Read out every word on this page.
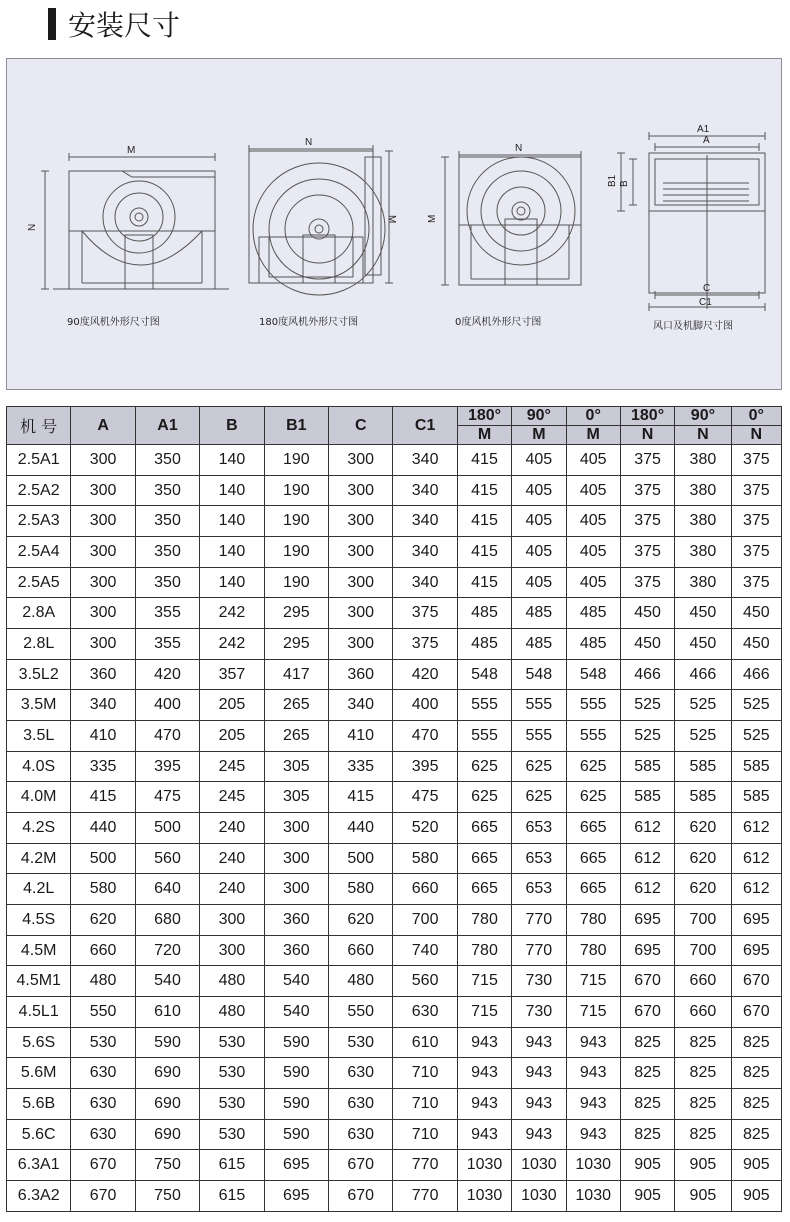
安装尺寸
M
N
N
M
N
M
A1
A
B1 B
C
C1
90度风机外形尺寸图	180度风机外形尺寸图	0度风机外形尺寸图	风口及机脚尺寸图
机 号	A	A1	B	B1	C	C1	180°	90°	0°	180°	90°	0°
							M	M	M	N	N	N
2.5A1	300	350	140	190	300	340	415	405	405	375	380	375
2.5A2	300	350	140	190	300	340	415	405	405	375	380	375
2.5A3	300	350	140	190	300	340	415	405	405	375	380	375
2.5A4	300	350	140	190	300	340	415	405	405	375	380	375
2.5A5	300	350	140	190	300	340	415	405	405	375	380	375
2.8A	300	355	242	295	300	375	485	485	485	450	450	450
2.8L	300	355	242	295	300	375	485	485	485	450	450	450
3.5L2	360	420	357	417	360	420	548	548	548	466	466	466
3.5M	340	400	205	265	340	400	555	555	555	525	525	525
3.5L	410	470	205	265	410	470	555	555	555	525	525	525
4.0S	335	395	245	305	335	395	625	625	625	585	585	585
4.0M	415	475	245	305	415	475	625	625	625	585	585	585
4.2S	440	500	240	300	440	520	665	653	665	612	620	612
4.2M	500	560	240	300	500	580	665	653	665	612	620	612
4.2L	580	640	240	300	580	660	665	653	665	612	620	612
4.5S	620	680	300	360	620	700	780	770	780	695	700	695
4.5M	660	720	300	360	660	740	780	770	780	695	700	695
4.5M1	480	540	480	540	480	560	715	730	715	670	660	670
4.5L1	550	610	480	540	550	630	715	730	715	670	660	670
5.6S	530	590	530	590	530	610	943	943	943	825	825	825
5.6M	630	690	530	590	630	710	943	943	943	825	825	825
5.6B	630	690	530	590	630	710	943	943	943	825	825	825
5.6C	630	690	530	590	630	710	943	943	943	825	825	825
6.3A1	670	750	615	695	670	770	1030	1030	1030	905	905	905
6.3A2	670	750	615	695	670	770	1030	1030	1030	905	905	905
